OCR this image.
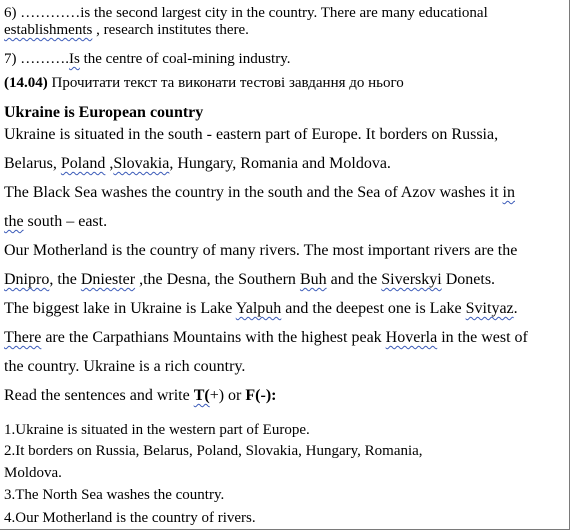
6) …………is the second largest city in the country. There are many educational
establishments , research institutes there.
7) ……….Is the centre of coal-mining industry.
(14.04) Прочитати текст та виконати тестові завдання до нього
Ukraine is European country
Ukraine is situated in the south - eastern part of Europe. It borders on Russia,
Belarus, Poland ,Slovakia, Hungary, Romania and Moldova.
The Black Sea washes the country in the south and the Sea of Azov washes it in
the south – east.
Our Motherland is the country of many rivers. The most important rivers are the
Dnipro, the Dniester ,the Desna, the Southern Buh and the Siverskyi Donets.
The biggest lake in Ukraine is Lake Yalpuh and the deepest one is Lake Svityaz.
There are the Carpathians Mountains with the highest peak Hoverla in the west of
the country. Ukraine is a rich country.
Read the sentences and write T(+) or F(-):
1.Ukraine is situated in the western part of Europe.
2.It borders on Russia, Belarus, Poland, Slovakia, Hungary, Romania,
Moldova.
3.The North Sea washes the country.
4.Our Motherland is the country of rivers.
